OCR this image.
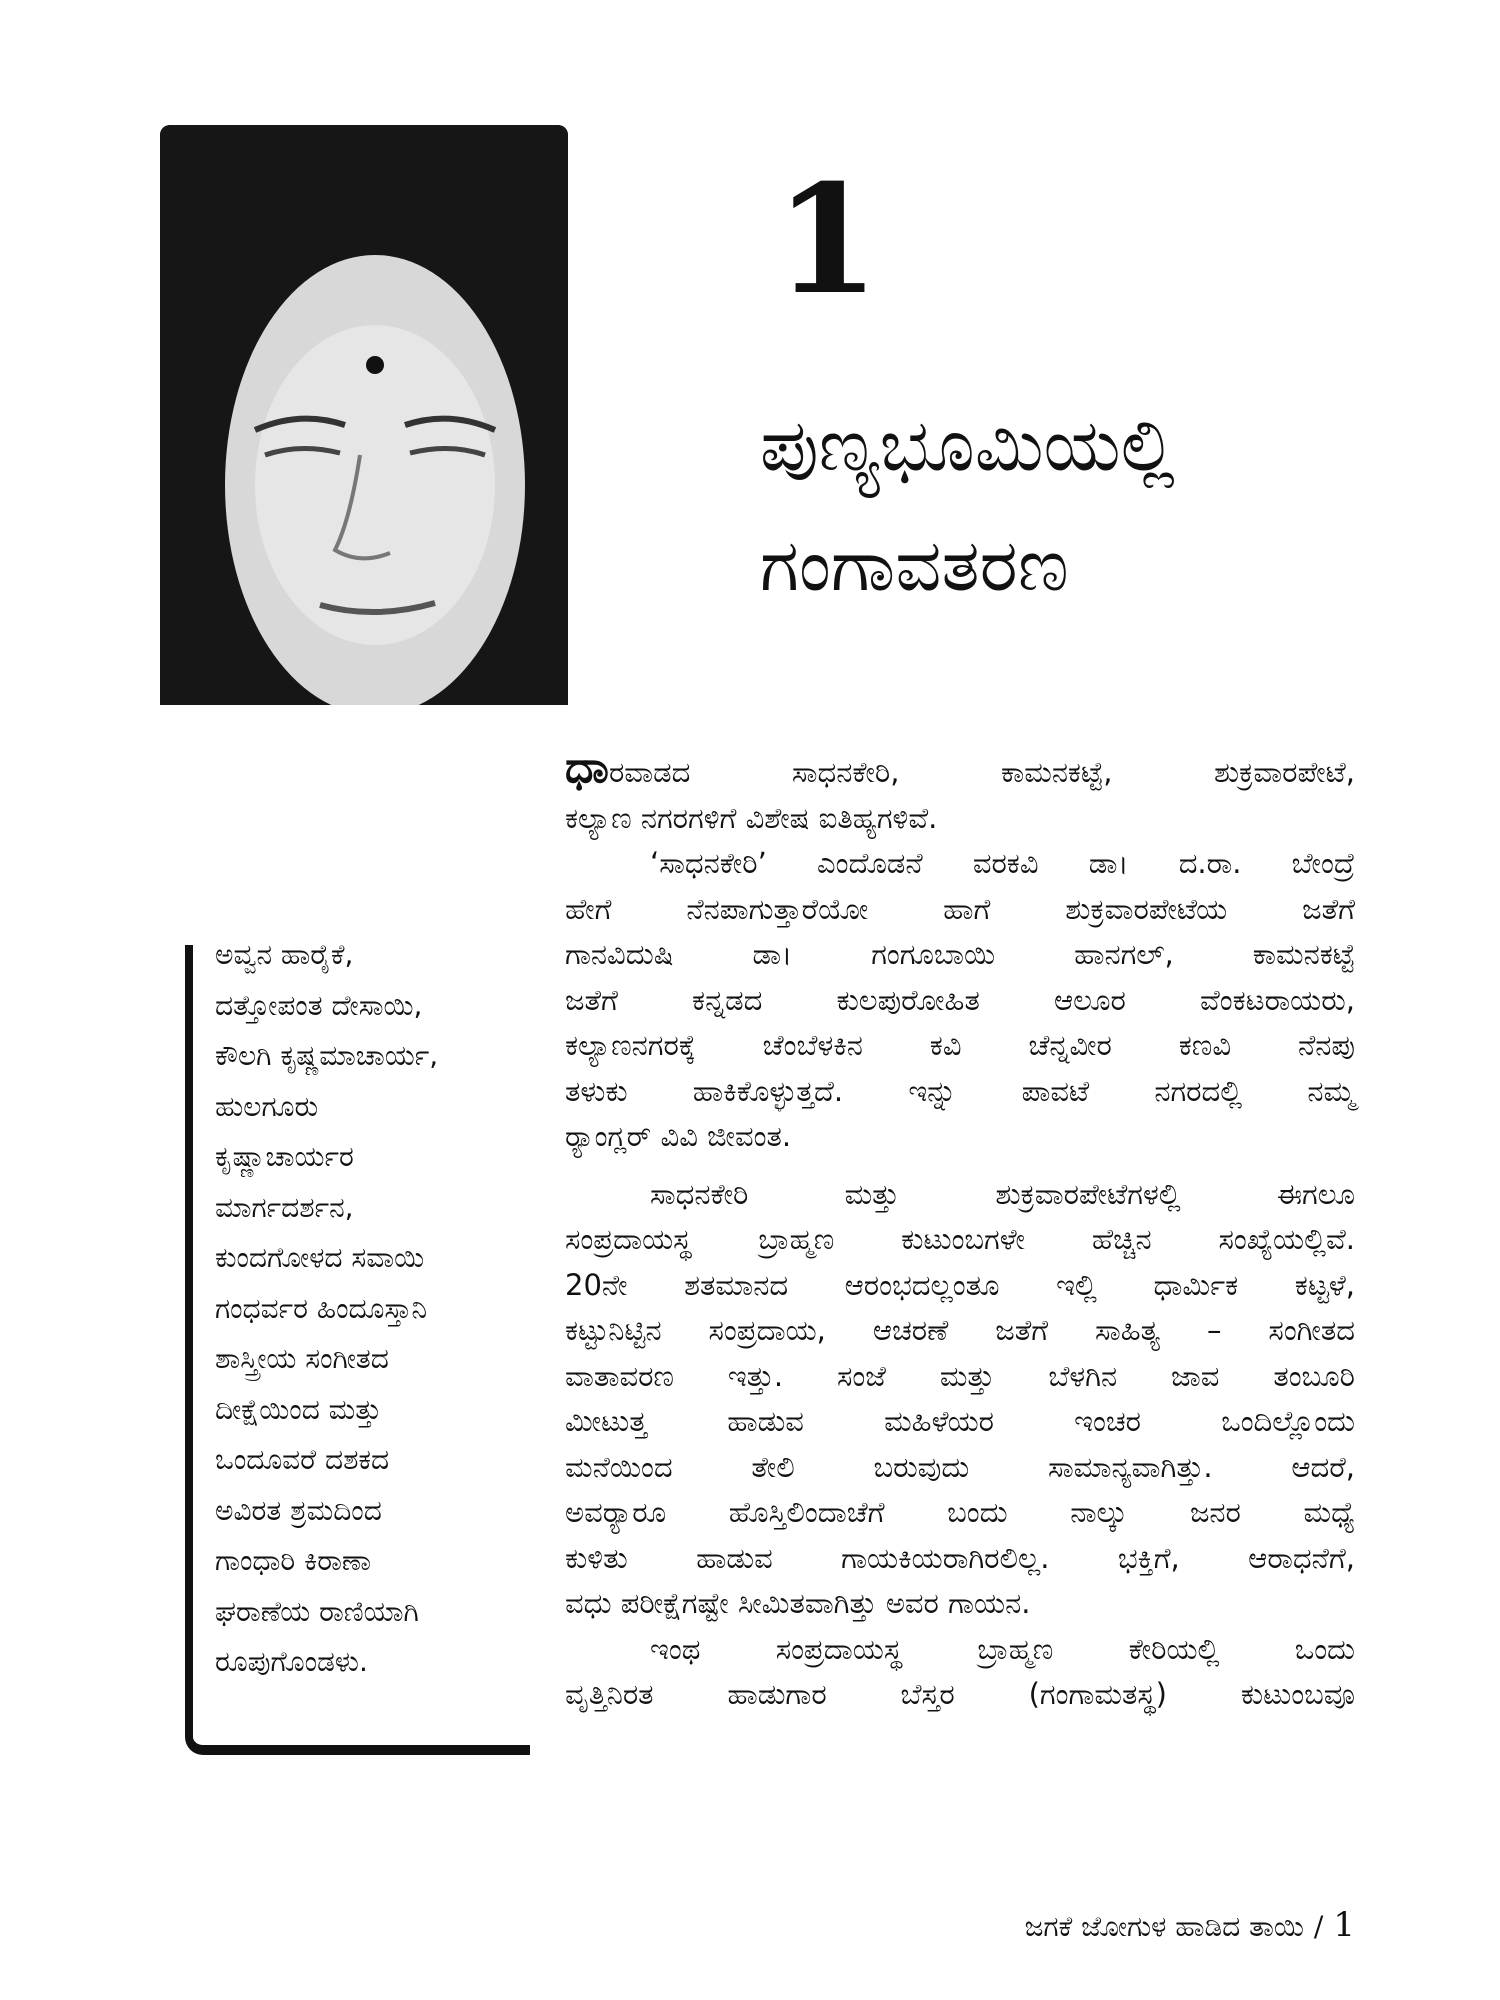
1
ಪುಣ್ಯಭೂಮಿಯಲ್ಲಿ
ಗಂಗಾವತರಣ
ಅವ್ವನ ಹಾರೈಕೆ,
ದತ್ತೋಪಂತ ದೇಸಾಯಿ,
ಕೌಲಗಿ ಕೃಷ್ಣಮಾಚಾರ್ಯ,
ಹುಲಗೂರು
ಕೃಷ್ಣಾಚಾರ್ಯರ
ಮಾರ್ಗದರ್ಶನ,
ಕುಂದಗೋಳದ ಸವಾಯಿ
ಗಂಧರ್ವರ ಹಿಂದೂಸ್ತಾನಿ
ಶಾಸ್ತ್ರೀಯ ಸಂಗೀತದ
ದೀಕ್ಷೆಯಿಂದ ಮತ್ತು
ಒಂದೂವರೆ ದಶಕದ
ಅವಿರತ ಶ್ರಮದಿಂದ
ಗಾಂಧಾರಿ ಕಿರಾಣಾ
ಘರಾಣೆಯ ರಾಣಿಯಾಗಿ
ರೂಪುಗೊಂಡಳು.
ಧಾರವಾಡದ ಸಾಧನಕೇರಿ, ಕಾಮನಕಟ್ಟೆ, ಶುಕ್ರವಾರಪೇಟೆ,
ಕಲ್ಯಾಣ ನಗರಗಳಿಗೆ ವಿಶೇಷ ಐತಿಹ್ಯಗಳಿವೆ.
‘ಸಾಧನಕೇರಿ’ ಎಂದೊಡನೆ ವರಕವಿ ಡಾ। ದ.ರಾ. ಬೇಂದ್ರೆ
ಹೇಗೆ ನೆನಪಾಗುತ್ತಾರೆಯೋ ಹಾಗೆ ಶುಕ್ರವಾರಪೇಟೆಯ ಜತೆಗೆ
ಗಾನವಿದುಷಿ ಡಾ। ಗಂಗೂಬಾಯಿ ಹಾನಗಲ್, ಕಾಮನಕಟ್ಟೆ
ಜತೆಗೆ ಕನ್ನಡದ ಕುಲಪುರೋಹಿತ ಆಲೂರ ವೆಂಕಟರಾಯರು,
ಕಲ್ಯಾಣನಗರಕ್ಕೆ ಚೆಂಬೆಳಕಿನ ಕವಿ ಚೆನ್ನವೀರ ಕಣವಿ ನೆನಪು
ತಳುಕು ಹಾಕಿಕೊಳ್ಳುತ್ತದೆ. ಇನ್ನು ಪಾವಟೆ ನಗರದಲ್ಲಿ ನಮ್ಮ
ರ್‍ಯಾಂಗ್ಲರ್ ವಿವಿ ಜೀವಂತ.
ಸಾಧನಕೇರಿ ಮತ್ತು ಶುಕ್ರವಾರಪೇಟೆಗಳಲ್ಲಿ ಈಗಲೂ
ಸಂಪ್ರದಾಯಸ್ಥ ಬ್ರಾಹ್ಮಣ ಕುಟುಂಬಗಳೇ ಹೆಚ್ಚಿನ ಸಂಖ್ಯೆಯಲ್ಲಿವೆ.
20ನೇ ಶತಮಾನದ ಆರಂಭದಲ್ಲಂತೂ ಇಲ್ಲಿ ಧಾರ್ಮಿಕ ಕಟ್ಟಳೆ,
ಕಟ್ಟುನಿಟ್ಟಿನ ಸಂಪ್ರದಾಯ, ಆಚರಣೆ ಜತೆಗೆ ಸಾಹಿತ್ಯ – ಸಂಗೀತದ
ವಾತಾವರಣ ಇತ್ತು. ಸಂಜೆ ಮತ್ತು ಬೆಳಗಿನ ಜಾವ ತಂಬೂರಿ
ಮೀಟುತ್ತ ಹಾಡುವ ಮಹಿಳೆಯರ ಇಂಚರ ಒಂದಿಲ್ಲೊಂದು
ಮನೆಯಿಂದ ತೇಲಿ ಬರುವುದು ಸಾಮಾನ್ಯವಾಗಿತ್ತು. ಆದರೆ,
ಅವರ್‍ಯಾರೂ ಹೊಸ್ತಿಲಿಂದಾಚೆಗೆ ಬಂದು ನಾಲ್ಕು ಜನರ ಮಧ್ಯೆ
ಕುಳಿತು ಹಾಡುವ ಗಾಯಕಿಯರಾಗಿರಲಿಲ್ಲ. ಭಕ್ತಿಗೆ, ಆರಾಧನೆಗೆ,
ವಧು ಪರೀಕ್ಷೆಗಷ್ಟೇ ಸೀಮಿತವಾಗಿತ್ತು ಅವರ ಗಾಯನ.
ಇಂಥ ಸಂಪ್ರದಾಯಸ್ಥ ಬ್ರಾಹ್ಮಣ ಕೇರಿಯಲ್ಲಿ ಒಂದು
ವೃತ್ತಿನಿರತ ಹಾಡುಗಾರ ಬೆಸ್ತರ (ಗಂಗಾಮತಸ್ಥ) ಕುಟುಂಬವೂ
ಜಗಕೆ ಜೋಗುಳ ಹಾಡಿದ ತಾಯಿ / 1
